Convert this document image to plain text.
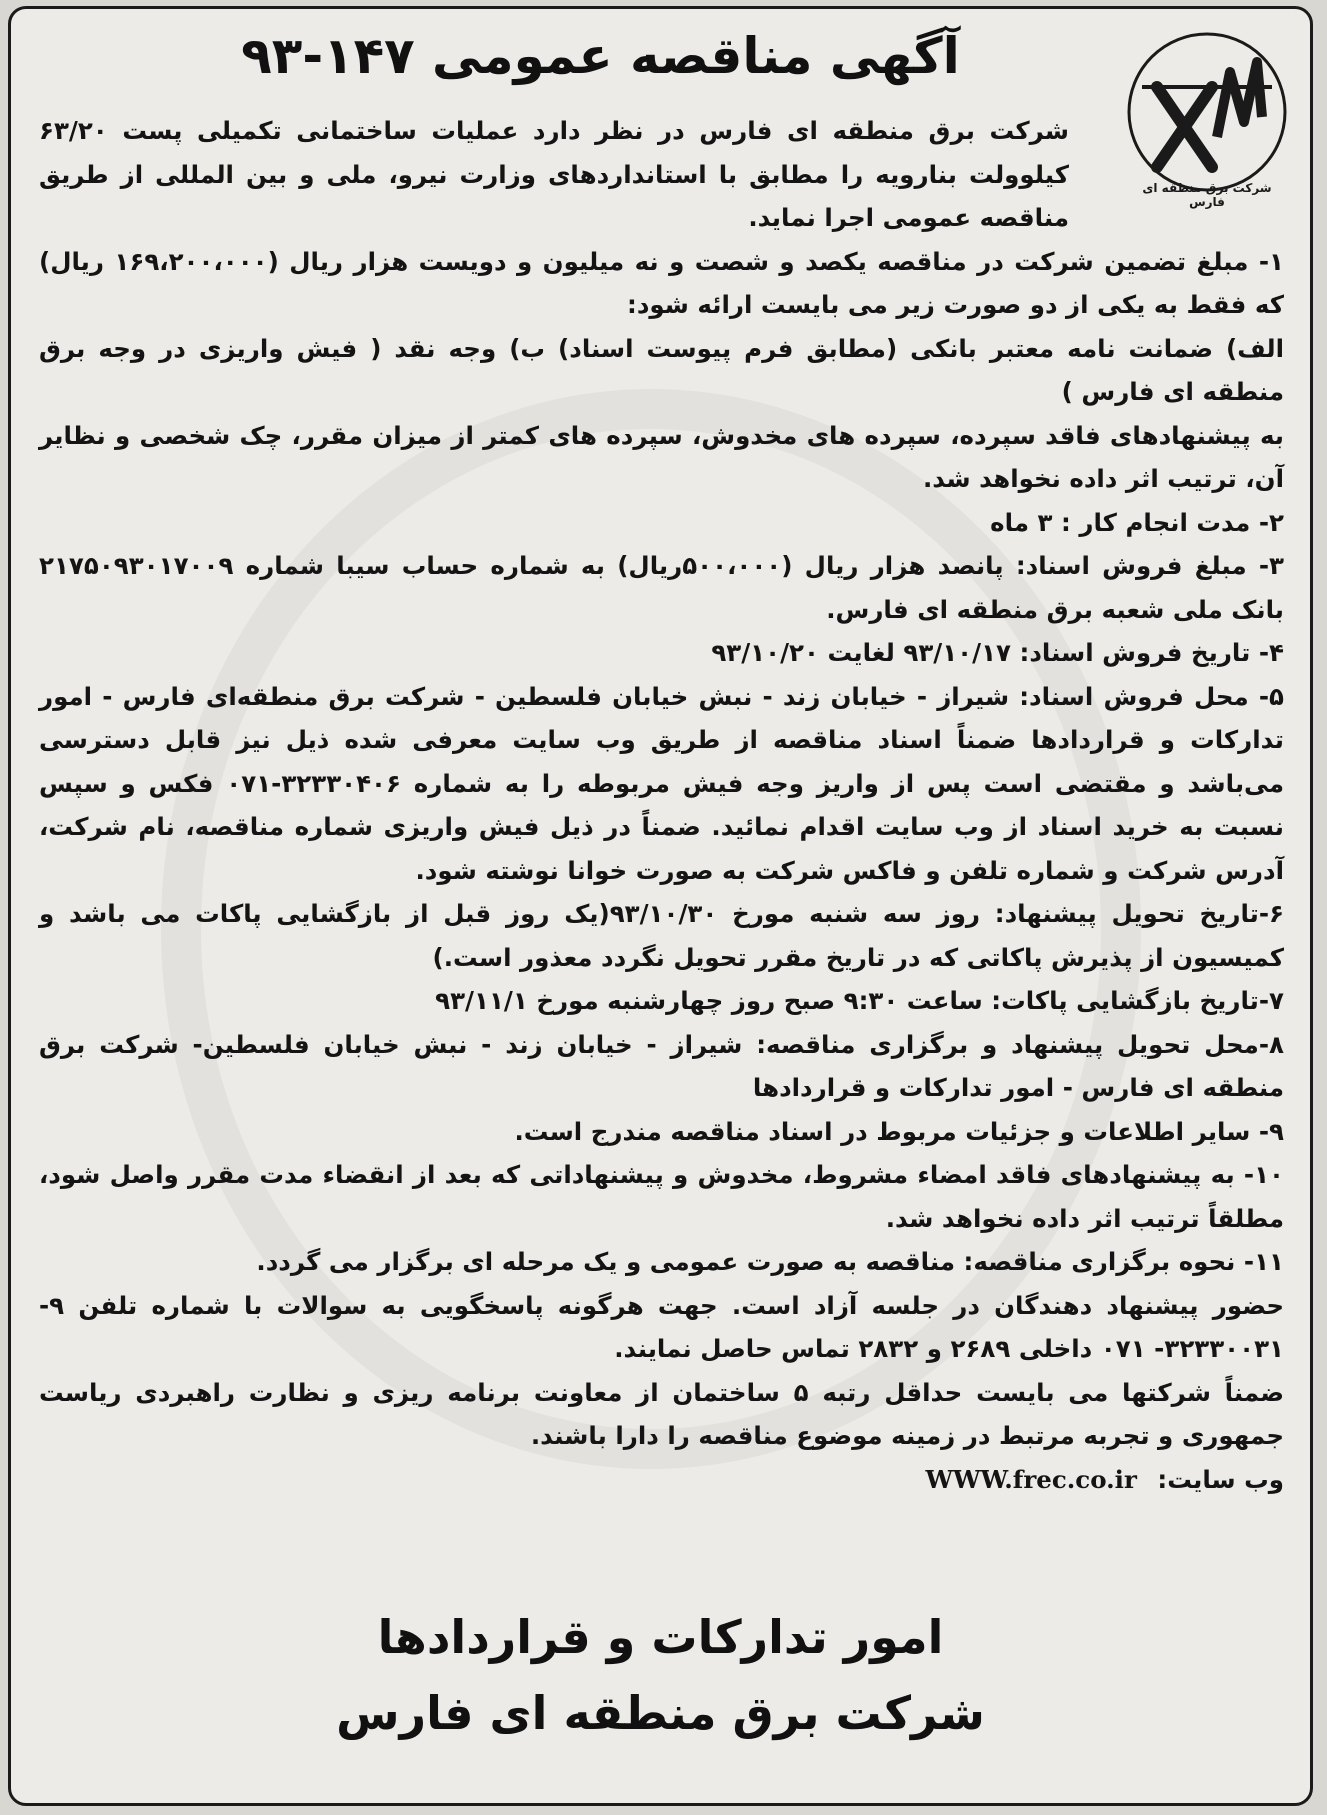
شرکت برق منطقه ای فارس
آگهی مناقصه عمومی ۱۴۷-۹۳

شرکت برق منطقه ای فارس در نظر دارد عملیات ساختمانی تکمیلی پست ۶۳/۲۰ کیلوولت بنارویه را مطابق با استانداردهای وزارت نیرو، ملی و بین المللی از طریق مناقصه عمومی اجرا نماید.

۱- مبلغ تضمین شرکت در مناقصه یکصد و شصت و نه میلیون و دویست هزار ریال (۱۶۹،۲۰۰،۰۰۰ ریال) که فقط به یکی از دو صورت زیر می بایست ارائه شود:

الف) ضمانت نامه معتبر بانکی (مطابق فرم پیوست اسناد) ب) وجه نقد ( فیش واریزی در وجه برق منطقه ای فارس )

به پیشنهادهای فاقد سپرده، سپرده های مخدوش، سپرده های کمتر از میزان مقرر، چک شخصی و نظایر آن، ترتیب اثر داده نخواهد شد.

۲- مدت انجام کار : ۳ ماه

۳- مبلغ فروش اسناد: پانصد هزار ریال (۵۰۰،۰۰۰ریال) به شماره حساب سیبا شماره ۲۱۷۵۰۹۳۰۱۷۰۰۹ بانک ملی شعبه برق منطقه ای فارس.

۴- تاریخ فروش اسناد: ۹۳/۱۰/۱۷ لغایت ۹۳/۱۰/۲۰

۵- محل فروش اسناد: شیراز - خیابان زند - نبش خیابان فلسطین - شرکت برق منطقه‌ای فارس - امور تدارکات و قراردادها ضمناً اسناد مناقصه از طریق وب سایت معرفی شده ذیل نیز قابل دسترسی می‌باشد و مقتضی است پس از واریز وجه فیش مربوطه را به شماره ۳۲۳۳۰۴۰۶-۰۷۱ فکس و سپس نسبت به خرید اسناد از وب سایت اقدام نمائید. ضمناً در ذیل فیش واریزی شماره مناقصه، نام شرکت، آدرس شرکت و شماره تلفن و فاکس شرکت به صورت خوانا نوشته شود.

۶-تاریخ تحویل پیشنهاد: روز سه شنبه مورخ ۹۳/۱۰/۳۰(یک روز قبل از بازگشایی پاکات می باشد و کمیسیون از پذیرش پاکاتی که در تاریخ مقرر تحویل نگردد معذور است.)

۷-تاریخ بازگشایی پاکات: ساعت ۹:۳۰ صبح روز چهارشنبه مورخ ۹۳/۱۱/۱

۸-محل تحویل پیشنهاد و برگزاری مناقصه: شیراز - خیابان زند - نبش خیابان فلسطین- شرکت برق منطقه ای فارس - امور تدارکات و قراردادها

۹- سایر اطلاعات و جزئیات مربوط در اسناد مناقصه مندرج است.

۱۰- به پیشنهادهای فاقد امضاء مشروط، مخدوش و پیشنهاداتی که بعد از انقضاء مدت مقرر واصل شود، مطلقاً ترتیب اثر داده نخواهد شد.

۱۱- نحوه برگزاری مناقصه: مناقصه به صورت عمومی و یک مرحله ای برگزار می گردد.

حضور پیشنهاد دهندگان در جلسه آزاد است. جهت هرگونه پاسخگویی به سوالات با شماره تلفن ۹- ۳۲۳۳۰۰۳۱- ۰۷۱ داخلی ۲۶۸۹ و ۲۸۳۲ تماس حاصل نمایند.

ضمناً شرکتها می بایست حداقل رتبه ۵ ساختمان از معاونت برنامه ریزی و نظارت راهبردی ریاست جمهوری و تجربه مرتبط در زمینه موضوع مناقصه را دارا باشند.

وب سایت: WWW.frec.co.ir

امور تدارکات و قراردادها
شرکت برق منطقه ای فارس
